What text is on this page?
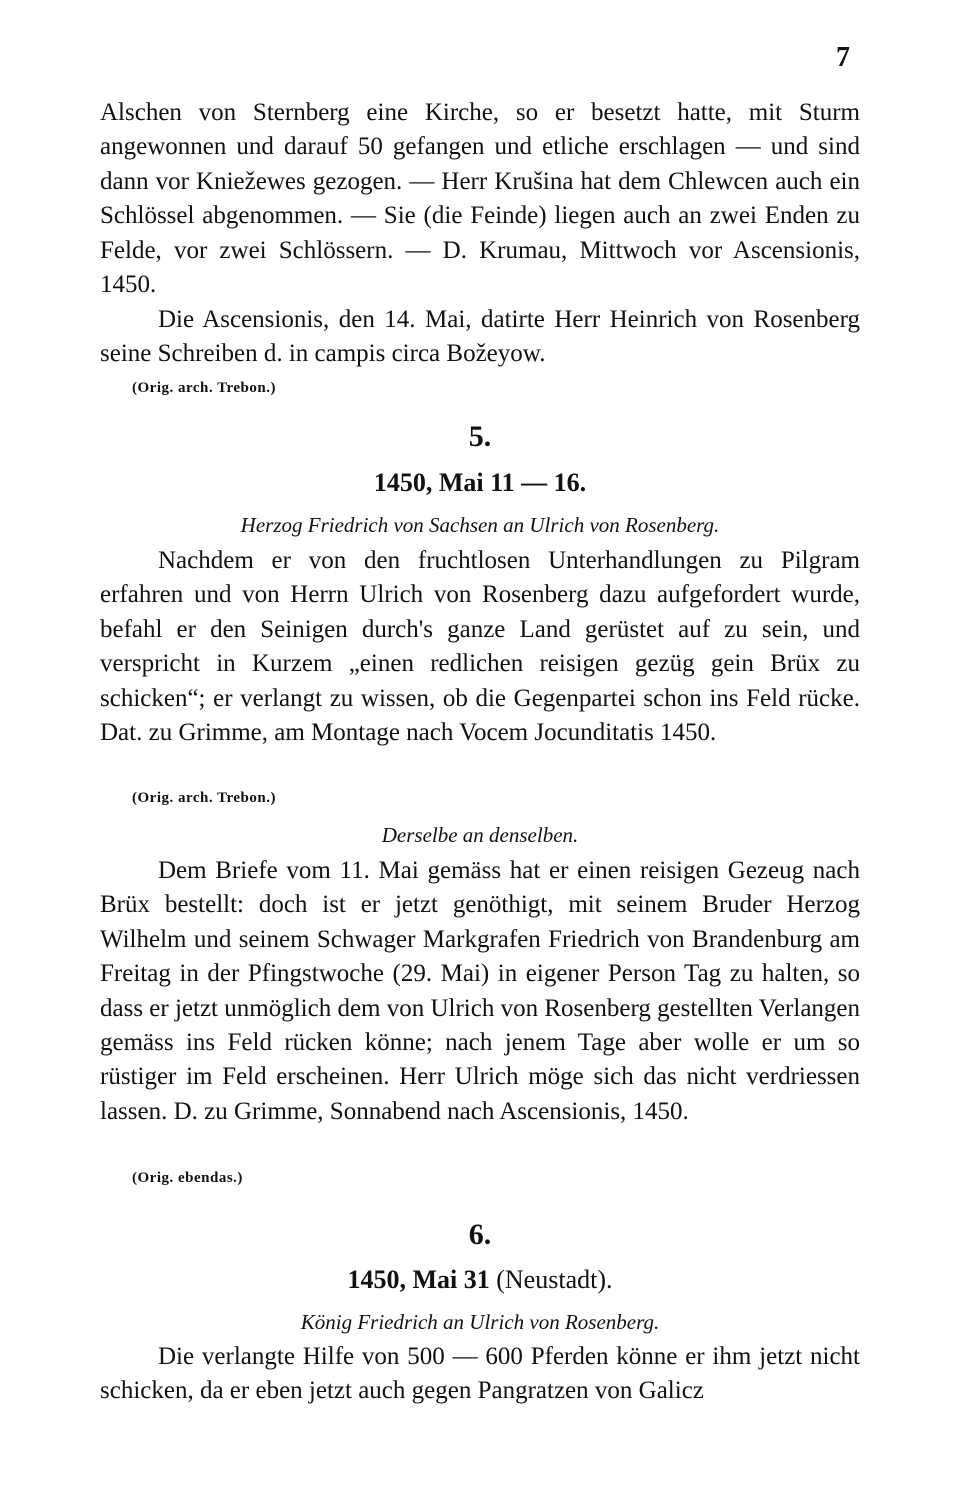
7

Alschen von Sternberg eine Kirche, so er besetzt hatte, mit Sturm angewonnen und darauf 50 gefangen und etliche erschlagen — und sind dann vor Kniežewes gezogen. — Herr Krušina hat dem Chlewcen auch ein Schlössel abgenommen. — Sie (die Feinde) liegen auch an zwei Enden zu Felde, vor zwei Schlössern. — D. Krumau, Mittwoch vor Ascensionis, 1450.

Die Ascensionis, den 14. Mai, datirte Herr Heinrich von Rosenberg seine Schreiben d. in campis circa Božeyow.

(Orig. arch. Trebon.)
5.
1450, Mai 11 — 16.
Herzog Friedrich von Sachsen an Ulrich von Rosenberg.

Nachdem er von den fruchtlosen Unterhandlungen zu Pilgram erfahren und von Herrn Ulrich von Rosenberg dazu aufgefordert wurde, befahl er den Seinigen durch's ganze Land gerüstet auf zu sein, und verspricht in Kurzem „einen redlichen reisigen gezüg gein Brüx zu schicken“; er verlangt zu wissen, ob die Gegenpartei schon ins Feld rücke. Dat. zu Grimme, am Montage nach Vocem Jocunditatis 1450.

(Orig. arch. Trebon.)
Derselbe an denselben.

Dem Briefe vom 11. Mai gemäss hat er einen reisigen Gezeug nach Brüx bestellt: doch ist er jetzt genöthigt, mit seinem Bruder Herzog Wilhelm und seinem Schwager Markgrafen Friedrich von Brandenburg am Freitag in der Pfingstwoche (29. Mai) in eigener Person Tag zu halten, so dass er jetzt unmöglich dem von Ulrich von Rosenberg gestellten Verlangen gemäss ins Feld rücken könne; nach jenem Tage aber wolle er um so rüstiger im Feld erscheinen. Herr Ulrich möge sich das nicht verdriessen lassen. D. zu Grimme, Sonnabend nach Ascensionis, 1450.

(Orig. ebendas.)
6.
1450, Mai 31 (Neustadt).
König Friedrich an Ulrich von Rosenberg.

Die verlangte Hilfe von 500 — 600 Pferden könne er ihm jetzt nicht schicken, da er eben jetzt auch gegen Pangratzen von Galicz
